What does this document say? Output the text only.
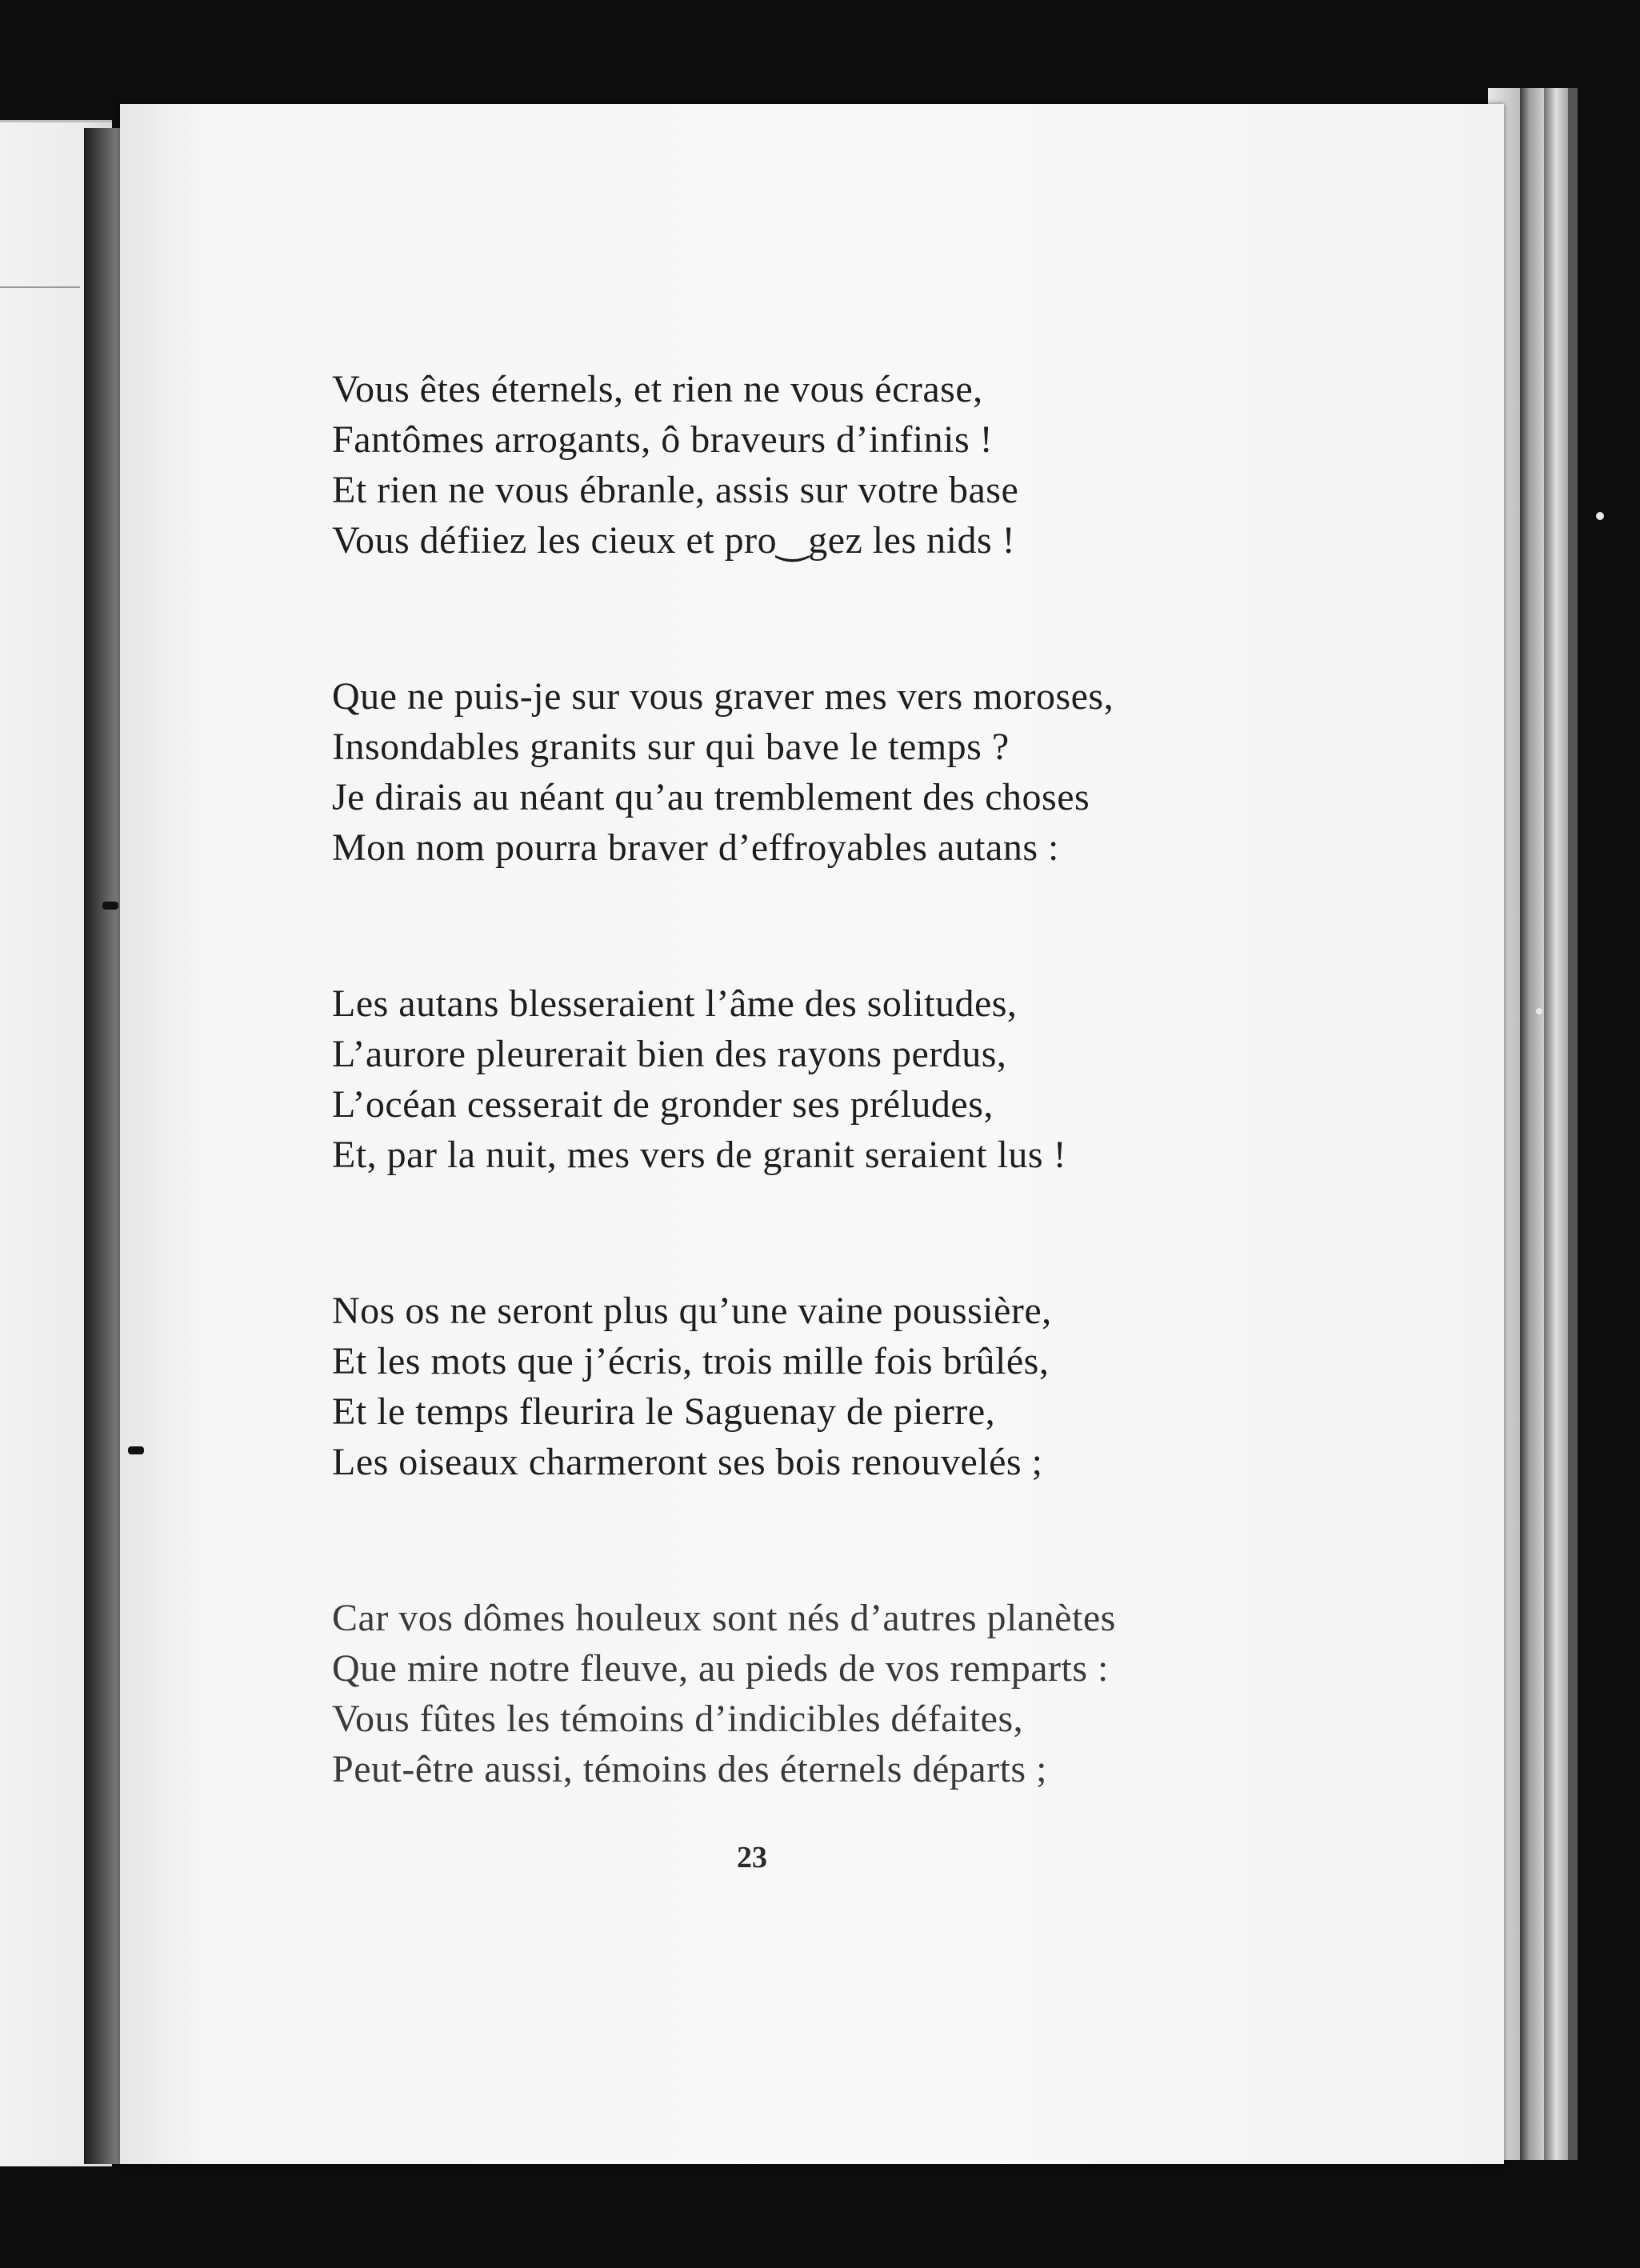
Vous êtes éternels, et rien ne vous écrase,
Fantômes arrogants, ô braveurs d’infinis !
Et rien ne vous ébranle, assis sur votre base
Vous défiiez les cieux et pro‿gez les nids !
Que ne puis-je sur vous graver mes vers moroses,
Insondables granits sur qui bave le temps ?
Je dirais au néant qu’au tremblement des choses
Mon nom pourra braver d’effroyables autans :
Les autans blesseraient l’âme des solitudes,
L’aurore pleurerait bien des rayons perdus,
L’océan cesserait de gronder ses préludes,
Et, par la nuit, mes vers de granit seraient lus !
Nos os ne seront plus qu’une vaine poussière,
Et les mots que j’écris, trois mille fois brûlés,
Et le temps fleurira le Saguenay de pierre,
Les oiseaux charmeront ses bois renouvelés ;
Car vos dômes houleux sont nés d’autres planètes
Que mire notre fleuve, au pieds de vos remparts :
Vous fûtes les témoins d’indicibles défaites,
Peut-être aussi, témoins des éternels départs ;
23
